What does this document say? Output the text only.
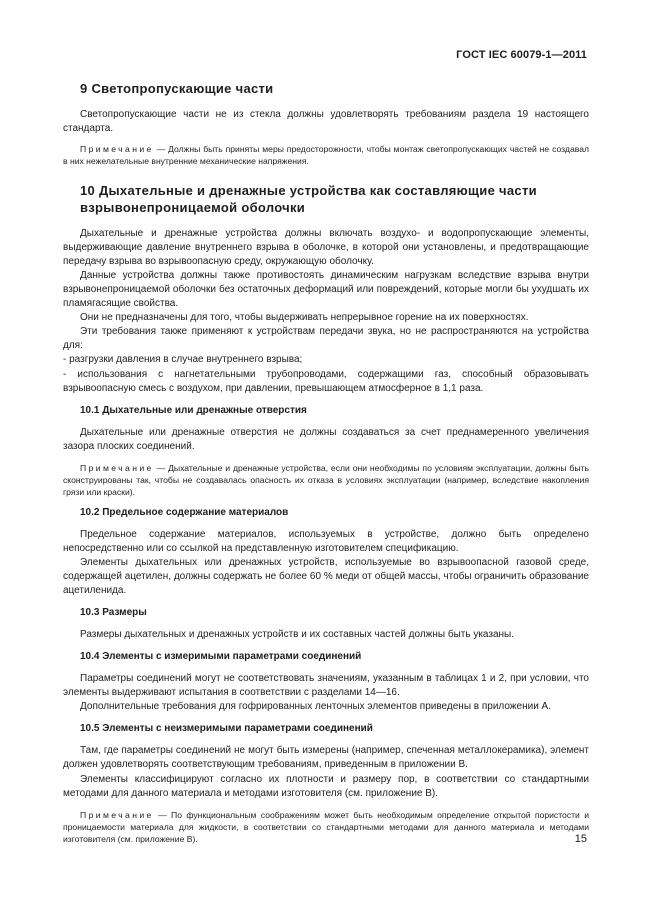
ГОСТ IEC 60079-1—2011
9 Светопропускающие части

Светопропускающие части не из стекла должны удовлетворять требованиям раздела 19 настоящего стандарта.

Примечание — Должны быть приняты меры предосторожности, чтобы монтаж светопропускающих частей не создавал в них нежелательные внутренние механические напряжения.

10 Дыхательные и дренажные устройства как составляющие части
взрывонепроницаемой оболочки

Дыхательные и дренажные устройства должны включать воздухо- и водопропускающие элементы, выдерживающие давление внутреннего взрыва в оболочке, в которой они установлены, и предотвращающие передачу взрыва во взрывоопасную среду, окружающую оболочку.

Данные устройства должны также противостоять динамическим нагрузкам вследствие взрыва внутри взрывонепроницаемой оболочки без остаточных деформаций или повреждений, которые могли бы ухудшать их пламягасящие свойства.

Они не предназначены для того, чтобы выдерживать непрерывное горение на их поверхностях.

Эти требования также применяют к устройствам передачи звука, но не распространяются на устройства для:

- разгрузки давления в случае внутреннего взрыва;

- использования с нагнетательными трубопроводами, содержащими газ, способный образовывать взрывоопасную смесь с воздухом, при давлении, превышающем атмосферное в 1,1 раза.

10.1 Дыхательные или дренажные отверстия

Дыхательные или дренажные отверстия не должны создаваться за счет преднамеренного увеличения зазора плоских соединений.

Примечание — Дыхательные и дренажные устройства, если они необходимы по условиям эксплуатации, должны быть сконструированы так, чтобы не создавалась опасность их отказа в условиях эксплуатации (например, вследствие накопления грязи или краски).

10.2 Предельное содержание материалов

Предельное содержание материалов, используемых в устройстве, должно быть определено непосредственно или со ссылкой на представленную изготовителем спецификацию.

Элементы дыхательных или дренажных устройств, используемые во взрывоопасной газовой среде, содержащей ацетилен, должны содержать не более 60 % меди от общей массы, чтобы ограничить образование ацетиленида.

10.3 Размеры

Размеры дыхательных и дренажных устройств и их составных частей должны быть указаны.

10.4 Элементы с измеримыми параметрами соединений

Параметры соединений могут не соответствовать значениям, указанным в таблицах 1 и 2, при условии, что элементы выдерживают испытания в соответствии с разделами 14—16.

Дополнительные требования для гофрированных ленточных элементов приведены в приложении А.

10.5 Элементы с неизмеримыми параметрами соединений

Там, где параметры соединений не могут быть измерены (например, спеченная металлокерамика), элемент должен удовлетворять соответствующим требованиям, приведенным в приложении В.

Элементы классифицируют согласно их плотности и размеру пор, в соответствии со стандартными методами для данного материала и методами изготовителя (см. приложение В).

Примечание — По функциональным соображениям может быть необходимым определение открытой пористости и проницаемости материала для жидкости, в соответствии со стандартными методами для данного материала и методами изготовителя (см. приложение В).	15
